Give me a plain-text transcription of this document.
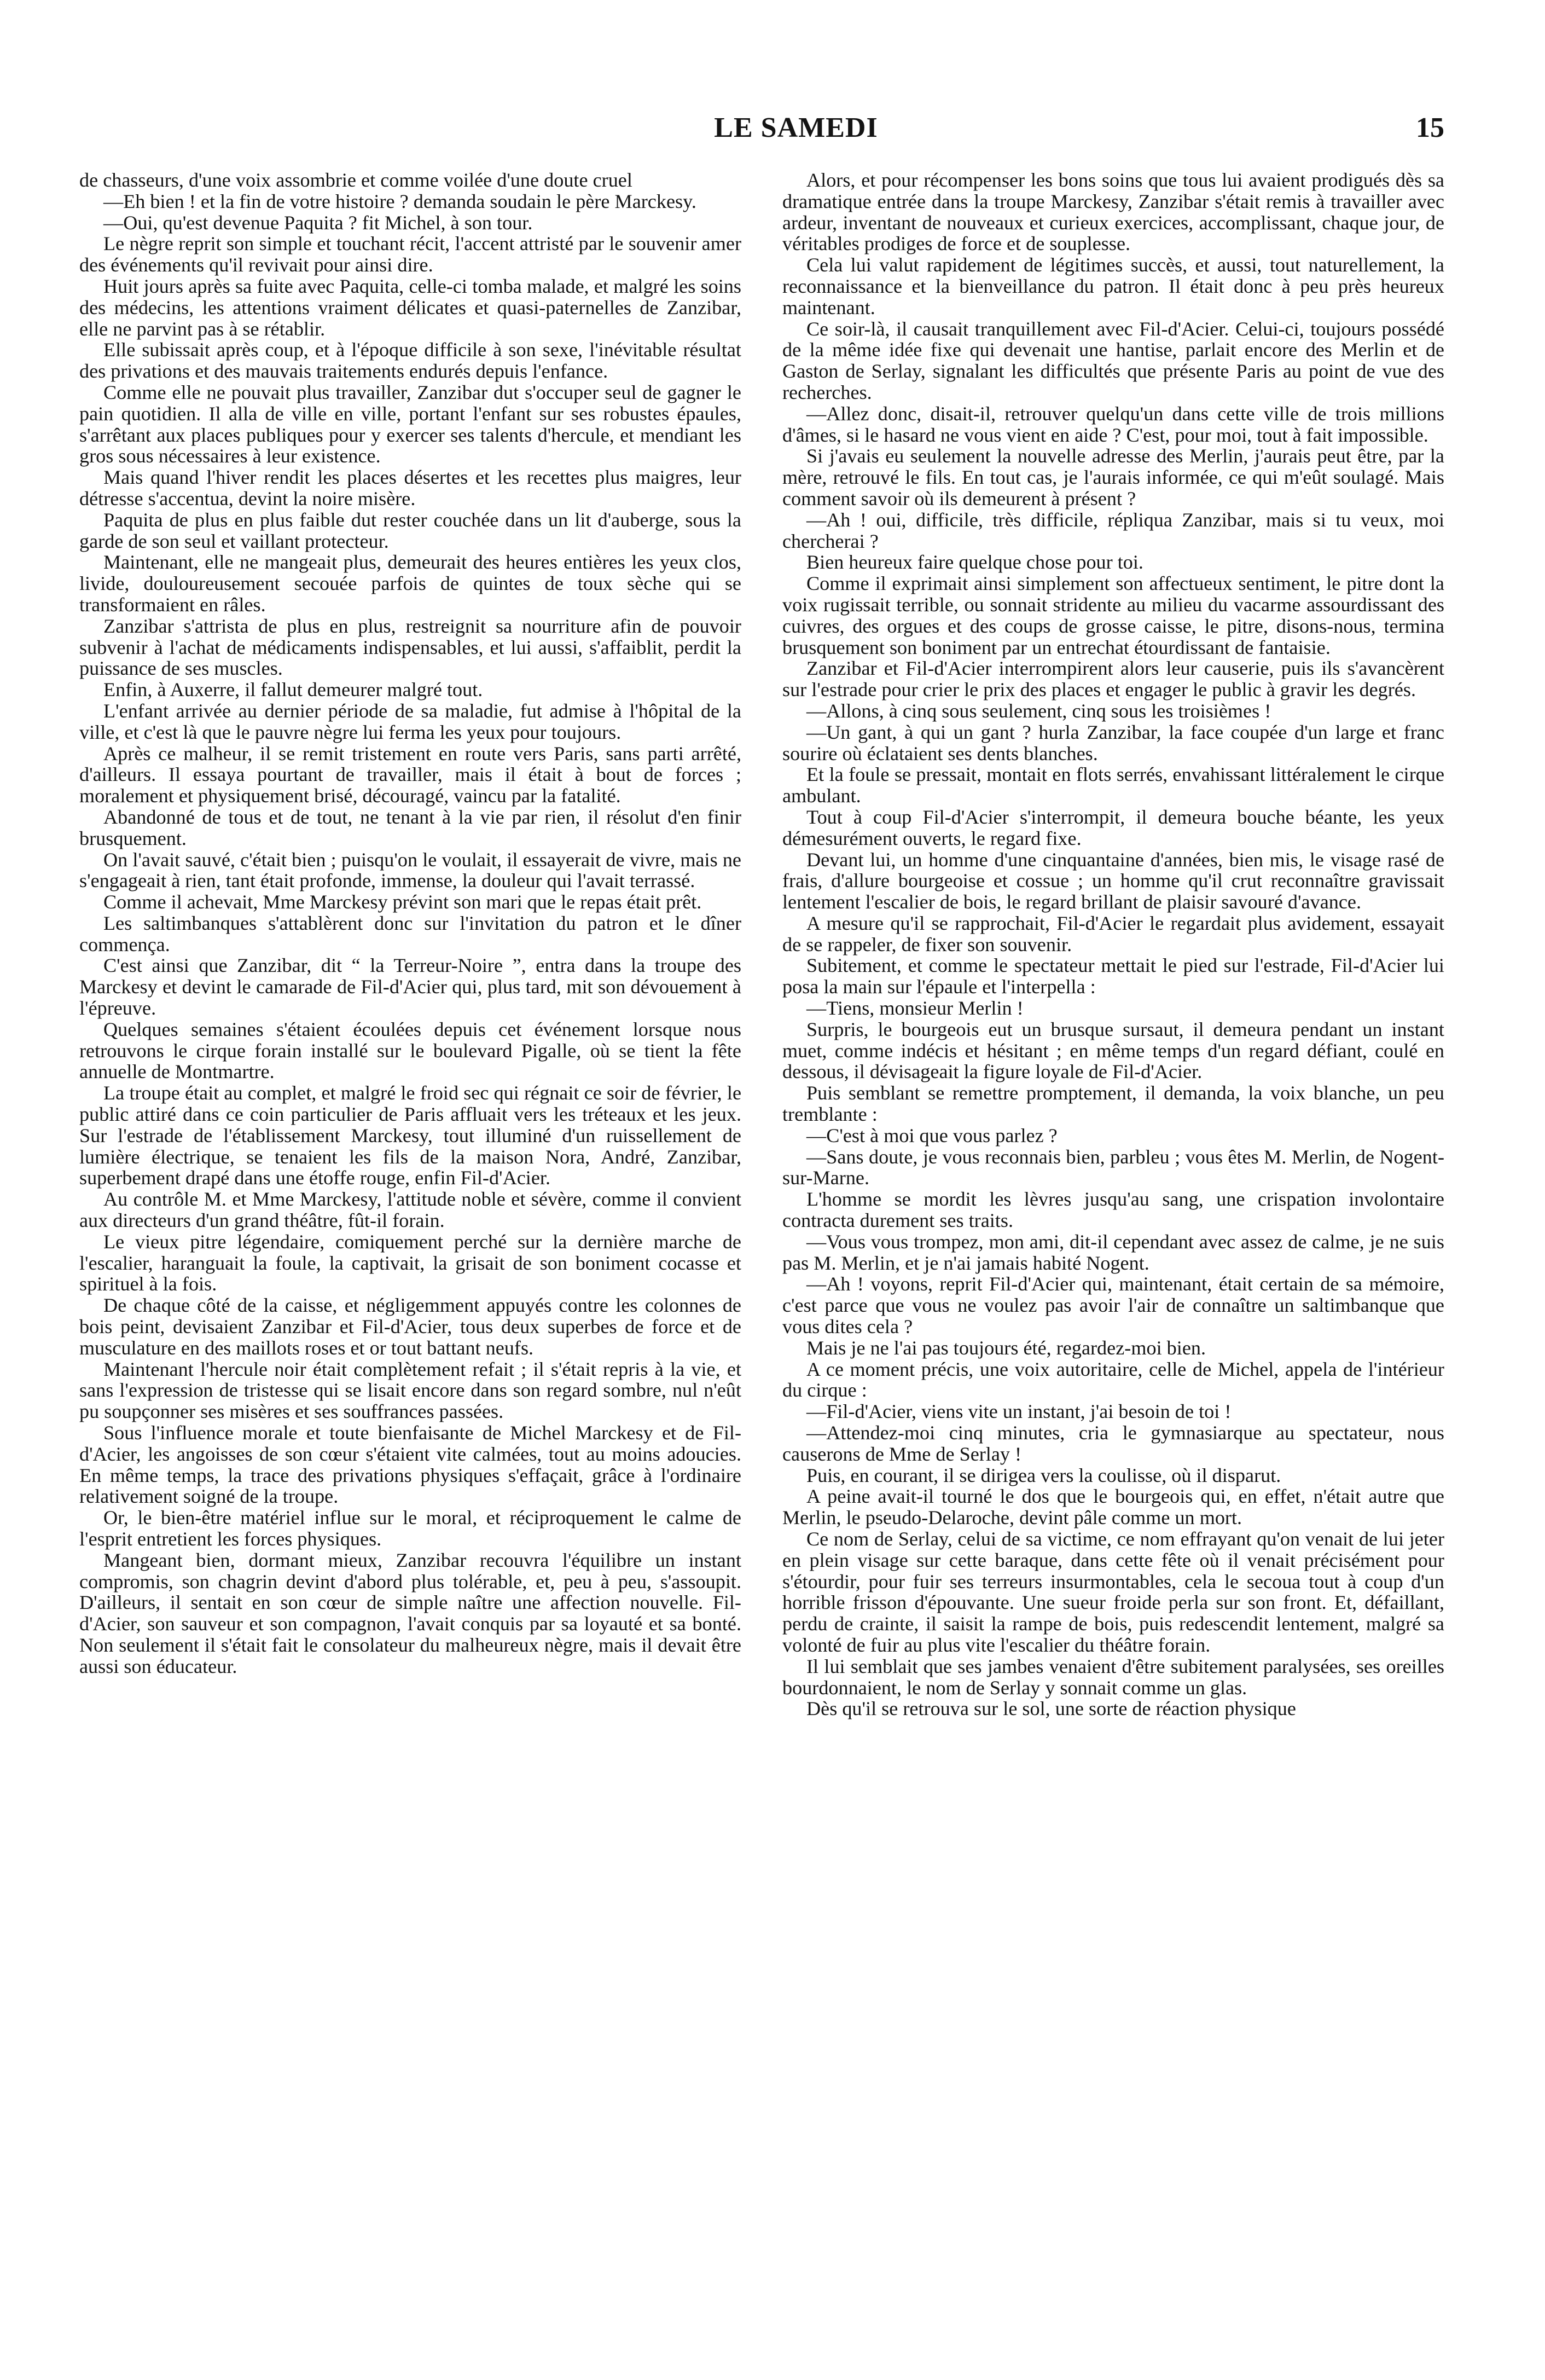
LE SAMEDI	15

de chasseurs, d'une voix assombrie et comme voilée d'une doute cruel

—Eh bien ! et la fin de votre histoire ? demanda soudain le père Marckesy.

—Oui, qu'est devenue Paquita ? fit Michel, à son tour.

Le nègre reprit son simple et touchant récit, l'accent attristé par le souvenir amer des événements qu'il revivait pour ainsi dire.

Huit jours après sa fuite avec Paquita, celle-ci tomba malade, et malgré les soins des médecins, les attentions vraiment délicates et quasi-paternelles de Zanzibar, elle ne parvint pas à se rétablir.

Elle subissait après coup, et à l'époque difficile à son sexe, l'inévitable résultat des privations et des mauvais traitements endurés depuis l'enfance.

Comme elle ne pouvait plus travailler, Zanzibar dut s'occuper seul de gagner le pain quotidien. Il alla de ville en ville, portant l'enfant sur ses robustes épaules, s'arrêtant aux places publiques pour y exercer ses talents d'hercule, et mendiant les gros sous nécessaires à leur existence.

Mais quand l'hiver rendit les places désertes et les recettes plus maigres, leur détresse s'accentua, devint la noire misère.

Paquita de plus en plus faible dut rester couchée dans un lit d'auberge, sous la garde de son seul et vaillant protecteur.

Maintenant, elle ne mangeait plus, demeurait des heures entières les yeux clos, livide, douloureusement secouée parfois de quintes de toux sèche qui se transformaient en râles.

Zanzibar s'attrista de plus en plus, restreignit sa nourriture afin de pouvoir subvenir à l'achat de médicaments indispensables, et lui aussi, s'affaiblit, perdit la puissance de ses muscles.

Enfin, à Auxerre, il fallut demeurer malgré tout.

L'enfant arrivée au dernier période de sa maladie, fut admise à l'hôpital de la ville, et c'est là que le pauvre nègre lui ferma les yeux pour toujours.

Après ce malheur, il se remit tristement en route vers Paris, sans parti arrêté, d'ailleurs. Il essaya pourtant de travailler, mais il était à bout de forces ; moralement et physiquement brisé, découragé, vaincu par la fatalité.

Abandonné de tous et de tout, ne tenant à la vie par rien, il résolut d'en finir brusquement.

On l'avait sauvé, c'était bien ; puisqu'on le voulait, il essayerait de vivre, mais ne s'engageait à rien, tant était profonde, immense, la douleur qui l'avait terrassé.

Comme il achevait, Mme Marckesy prévint son mari que le repas était prêt.

Les saltimbanques s'attablèrent donc sur l'invitation du patron et le dîner commença.

C'est ainsi que Zanzibar, dit “ la Terreur-Noire ”, entra dans la troupe des Marckesy et devint le camarade de Fil-d'Acier qui, plus tard, mit son dévouement à l'épreuve.

Quelques semaines s'étaient écoulées depuis cet événement lorsque nous retrouvons le cirque forain installé sur le boulevard Pigalle, où se tient la fête annuelle de Montmartre.

La troupe était au complet, et malgré le froid sec qui régnait ce soir de février, le public attiré dans ce coin particulier de Paris affluait vers les tréteaux et les jeux. Sur l'estrade de l'établissement Marckesy, tout illuminé d'un ruissellement de lumière électrique, se tenaient les fils de la maison Nora, André, Zanzibar, superbement drapé dans une étoffe rouge, enfin Fil-d'Acier.

Au contrôle M. et Mme Marckesy, l'attitude noble et sévère, comme il convient aux directeurs d'un grand théâtre, fût-il forain.

Le vieux pitre légendaire, comiquement perché sur la dernière marche de l'escalier, haranguait la foule, la captivait, la grisait de son boniment cocasse et spirituel à la fois.

De chaque côté de la caisse, et négligemment appuyés contre les colonnes de bois peint, devisaient Zanzibar et Fil-d'Acier, tous deux superbes de force et de musculature en des maillots roses et or tout battant neufs.

Maintenant l'hercule noir était complètement refait ; il s'était repris à la vie, et sans l'expression de tristesse qui se lisait encore dans son regard sombre, nul n'eût pu soupçonner ses misères et ses souffrances passées.

Sous l'influence morale et toute bienfaisante de Michel Marckesy et de Fil-d'Acier, les angoisses de son cœur s'étaient vite calmées, tout au moins adoucies. En même temps, la trace des privations physiques s'effaçait, grâce à l'ordinaire relativement soigné de la troupe.

Or, le bien-être matériel influe sur le moral, et réciproquement le calme de l'esprit entretient les forces physiques.

Mangeant bien, dormant mieux, Zanzibar recouvra l'équilibre un instant compromis, son chagrin devint d'abord plus tolérable, et, peu à peu, s'assoupit. D'ailleurs, il sentait en son cœur de simple naître une affection nouvelle. Fil-d'Acier, son sauveur et son compagnon, l'avait conquis par sa loyauté et sa bonté. Non seulement il s'était fait le consolateur du malheureux nègre, mais il devait être aussi son éducateur.

Alors, et pour récompenser les bons soins que tous lui avaient prodigués dès sa dramatique entrée dans la troupe Marckesy, Zanzibar s'était remis à travailler avec ardeur, inventant de nouveaux et curieux exercices, accomplissant, chaque jour, de véritables prodiges de force et de souplesse.

Cela lui valut rapidement de légitimes succès, et aussi, tout naturellement, la reconnaissance et la bienveillance du patron. Il était donc à peu près heureux maintenant.

Ce soir-là, il causait tranquillement avec Fil-d'Acier. Celui-ci, toujours possédé de la même idée fixe qui devenait une hantise, parlait encore des Merlin et de Gaston de Serlay, signalant les difficultés que présente Paris au point de vue des recherches.

—Allez donc, disait-il, retrouver quelqu'un dans cette ville de trois millions d'âmes, si le hasard ne vous vient en aide ? C'est, pour moi, tout à fait impossible.

Si j'avais eu seulement la nouvelle adresse des Merlin, j'aurais peut être, par la mère, retrouvé le fils. En tout cas, je l'aurais informée, ce qui m'eût soulagé. Mais comment savoir où ils demeurent à présent ?

—Ah ! oui, difficile, très difficile, répliqua Zanzibar, mais si tu veux, moi chercherai ?

Bien heureux faire quelque chose pour toi.

Comme il exprimait ainsi simplement son affectueux sentiment, le pitre dont la voix rugissait terrible, ou sonnait stridente au milieu du vacarme assourdissant des cuivres, des orgues et des coups de grosse caisse, le pitre, disons-nous, termina brusquement son boniment par un entrechat étourdissant de fantaisie.

Zanzibar et Fil-d'Acier interrompirent alors leur causerie, puis ils s'avancèrent sur l'estrade pour crier le prix des places et engager le public à gravir les degrés.

—Allons, à cinq sous seulement, cinq sous les troisièmes !

—Un gant, à qui un gant ? hurla Zanzibar, la face coupée d'un large et franc sourire où éclataient ses dents blanches.

Et la foule se pressait, montait en flots serrés, envahissant littéralement le cirque ambulant.

Tout à coup Fil-d'Acier s'interrompit, il demeura bouche béante, les yeux démesurément ouverts, le regard fixe.

Devant lui, un homme d'une cinquantaine d'années, bien mis, le visage rasé de frais, d'allure bourgeoise et cossue ; un homme qu'il crut reconnaître gravissait lentement l'escalier de bois, le regard brillant de plaisir savouré d'avance.

A mesure qu'il se rapprochait, Fil-d'Acier le regardait plus avidement, essayait de se rappeler, de fixer son souvenir.

Subitement, et comme le spectateur mettait le pied sur l'estrade, Fil-d'Acier lui posa la main sur l'épaule et l'interpella :

—Tiens, monsieur Merlin !

Surpris, le bourgeois eut un brusque sursaut, il demeura pendant un instant muet, comme indécis et hésitant ; en même temps d'un regard défiant, coulé en dessous, il dévisageait la figure loyale de Fil-d'Acier.

Puis semblant se remettre promptement, il demanda, la voix blanche, un peu tremblante :

—C'est à moi que vous parlez ?

—Sans doute, je vous reconnais bien, parbleu ; vous êtes M. Merlin, de Nogent-sur-Marne.

L'homme se mordit les lèvres jusqu'au sang, une crispation involontaire contracta durement ses traits.

—Vous vous trompez, mon ami, dit-il cependant avec assez de calme, je ne suis pas M. Merlin, et je n'ai jamais habité Nogent.

—Ah ! voyons, reprit Fil-d'Acier qui, maintenant, était certain de sa mémoire, c'est parce que vous ne voulez pas avoir l'air de connaître un saltimbanque que vous dites cela ?

Mais je ne l'ai pas toujours été, regardez-moi bien.

A ce moment précis, une voix autoritaire, celle de Michel, appela de l'intérieur du cirque :

—Fil-d'Acier, viens vite un instant, j'ai besoin de toi !

—Attendez-moi cinq minutes, cria le gymnasiarque au spectateur, nous causerons de Mme de Serlay !

Puis, en courant, il se dirigea vers la coulisse, où il disparut.

A peine avait-il tourné le dos que le bourgeois qui, en effet, n'était autre que Merlin, le pseudo-Delaroche, devint pâle comme un mort.

Ce nom de Serlay, celui de sa victime, ce nom effrayant qu'on venait de lui jeter en plein visage sur cette baraque, dans cette fête où il venait précisément pour s'étourdir, pour fuir ses terreurs insurmontables, cela le secoua tout à coup d'un horrible frisson d'épouvante. Une sueur froide perla sur son front. Et, défaillant, perdu de crainte, il saisit la rampe de bois, puis redescendit lentement, malgré sa volonté de fuir au plus vite l'escalier du théâtre forain.

Il lui semblait que ses jambes venaient d'être subitement paralysées, ses oreilles bourdonnaient, le nom de Serlay y sonnait comme un glas.

Dès qu'il se retrouva sur le sol, une sorte de réaction physique
